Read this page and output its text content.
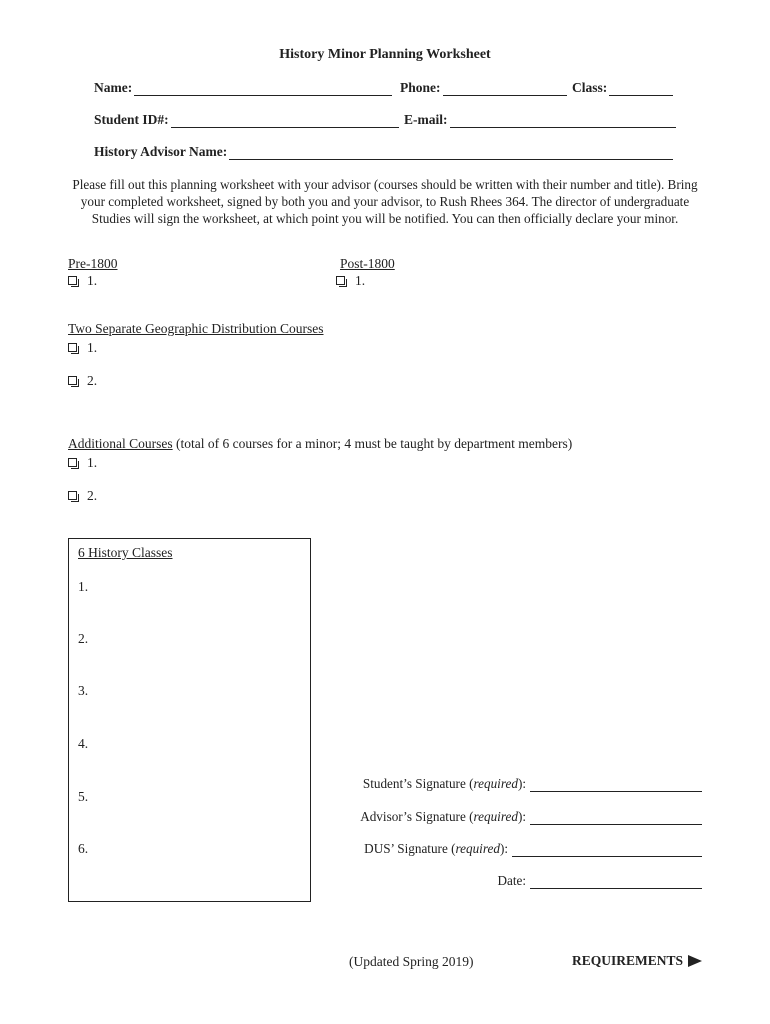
History Minor Planning Worksheet
Name:	Phone:	Class:
Student ID#:	E-mail:
History Advisor Name:
Please fill out this planning worksheet with your advisor (courses should be written with their number and title). Bring your completed worksheet, signed by both you and your advisor, to Rush Rhees 364. The director of undergraduate Studies will sign the worksheet, at which point you will be notified. You can then officially declare your minor.
Pre-1800
1.
Post-1800
1.
Two Separate Geographic Distribution Courses
1.
2.
Additional Courses (total of 6 courses for a minor; 4 must be taught by department members)
1.
2.
6 History Classes
1.
2.
3.
4.
5.
6.
Student’s Signature (required):
Advisor’s Signature (required):
DUS’ Signature (required):
Date:
(Updated Spring 2019)	REQUIREMENTS
